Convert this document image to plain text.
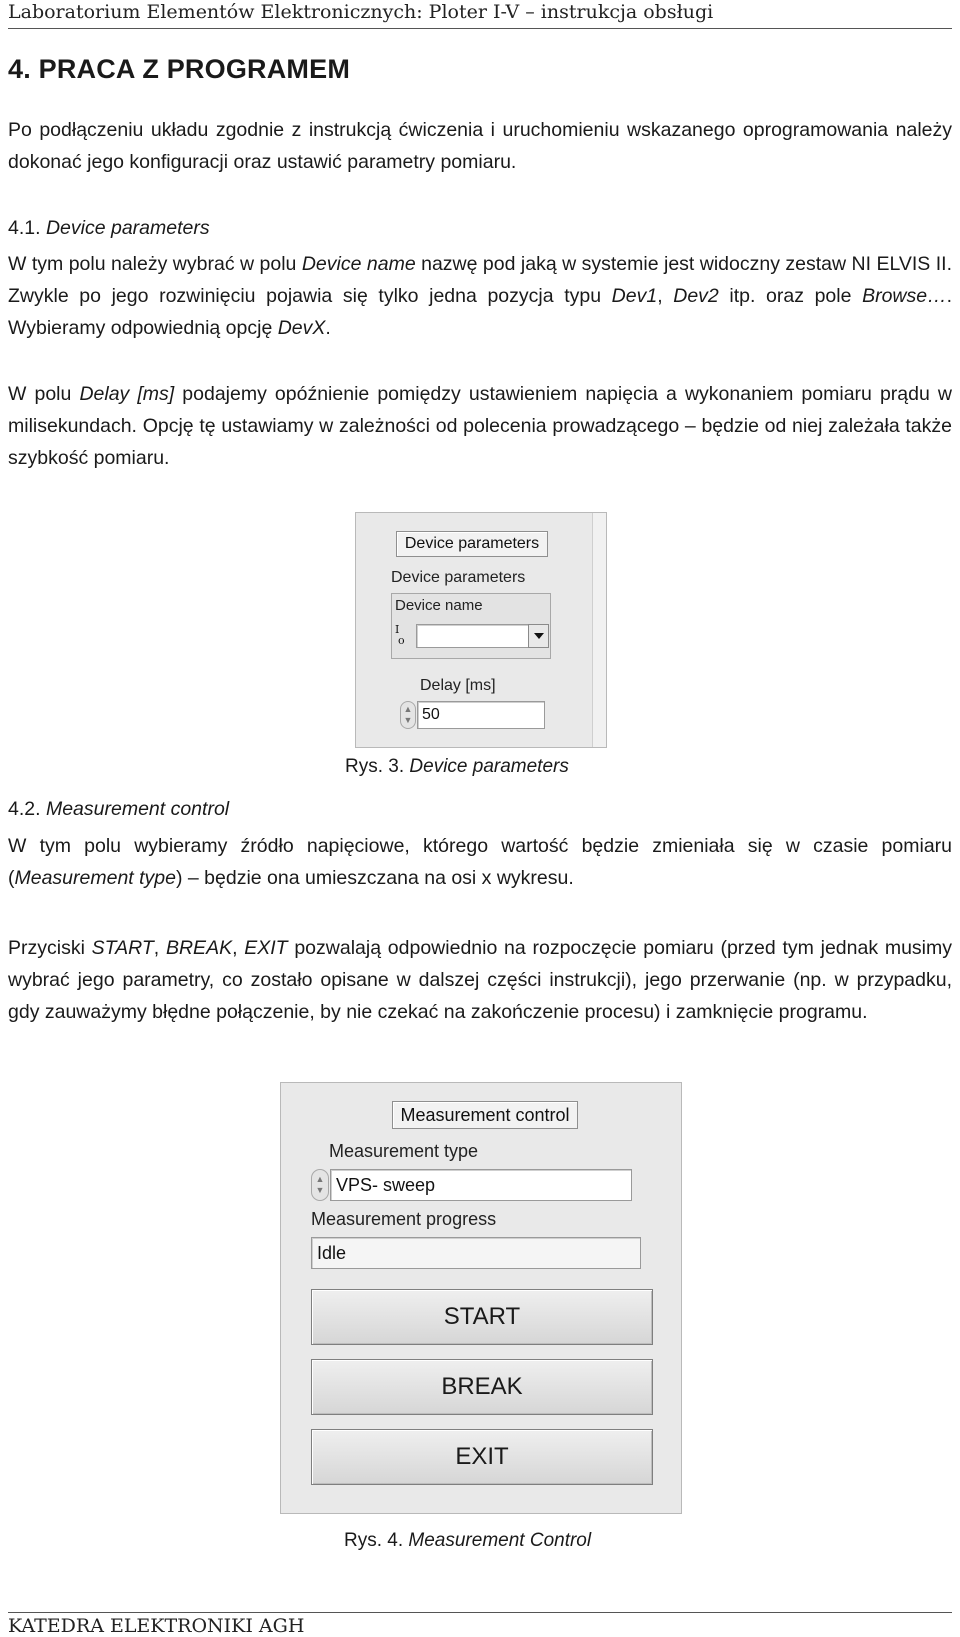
Laboratorium Elementów Elektronicznych: Ploter I-V – instrukcja obsługi
4. PRACA Z PROGRAMEM
Po podłączeniu układu zgodnie z instrukcją ćwiczenia i uruchomieniu wskazanego oprogramowania należy dokonać jego konfiguracji oraz ustawić parametry pomiaru.
4.1. Device parameters
W tym polu należy wybrać w polu Device name nazwę pod jaką w systemie jest widoczny zestaw NI ELVIS II. Zwykle po jego rozwinięciu pojawia się tylko jedna pozycja typu Dev1, Dev2 itp. oraz pole Browse…. Wybieramy odpowiednią opcję DevX.
W polu Delay [ms] podajemy opóźnienie pomiędzy ustawieniem napięcia a wykonaniem pomiaru prądu w milisekundach. Opcję tę ustawiamy w zależności od polecenia prowadzącego – będzie od niej zależała także szybkość pomiaru.
Device parameters
Device parameters
Device name
I
o
Delay [ms]
▲
▼ 50
Rys. 3. Device parameters
4.2. Measurement control
W tym polu wybieramy źródło napięciowe, którego wartość będzie zmieniała się w czasie pomiaru (Measurement type) – będzie ona umieszczana na osi x wykresu.
Przyciski START, BREAK, EXIT pozwalają odpowiednio na rozpoczęcie pomiaru (przed tym jednak musimy wybrać jego parametry, co zostało opisane w dalszej części instrukcji), jego przerwanie (np. w przypadku, gdy zauważymy błędne połączenie, by nie czekać na zakończenie procesu) i zamknięcie programu.
Measurement control
Measurement type
▲
▼ VPS- sweep
Measurement progress
Idle
START
BREAK
EXIT
Rys. 4. Measurement Control
KATEDRA ELEKTRONIKI AGH
